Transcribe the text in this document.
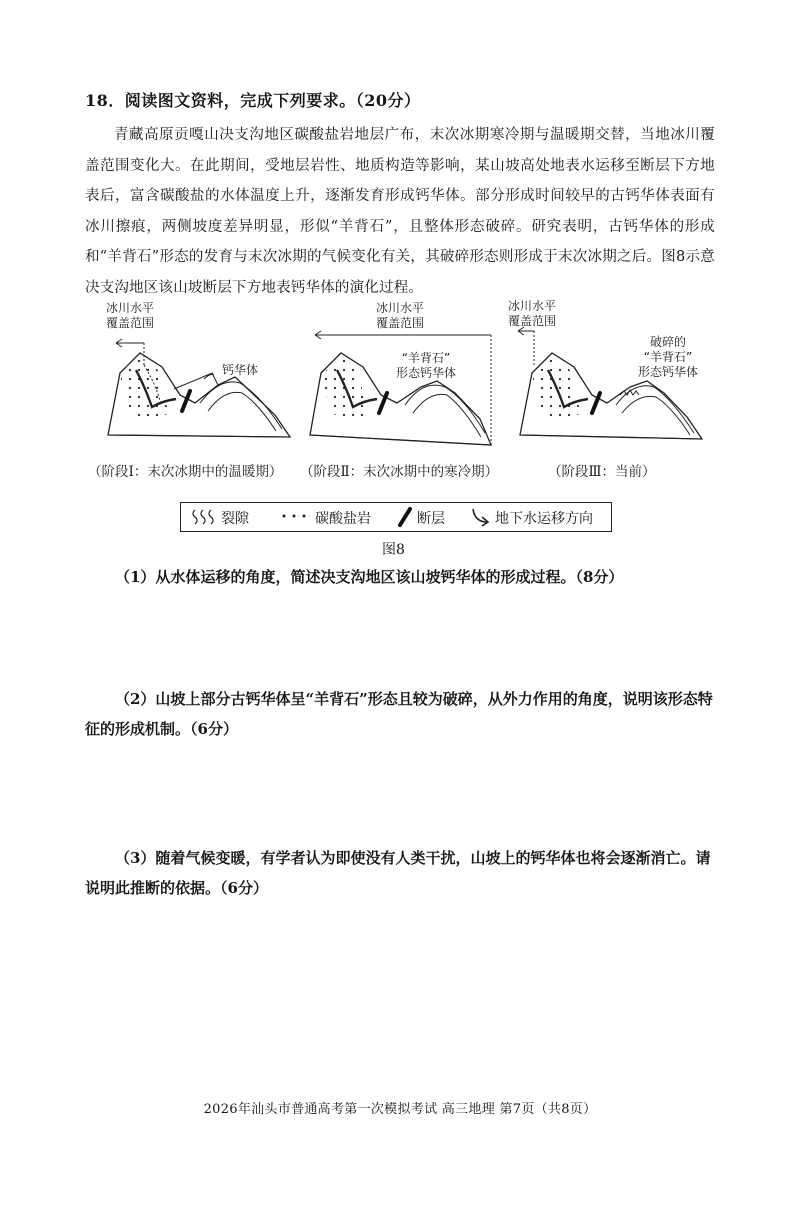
18．阅读图文资料，完成下列要求。（20分）

青藏高原贡嘎山决支沟地区碳酸盐岩地层广布，末次冰期寒冷期与温暖期交替，当地冰川覆盖范围变化大。在此期间，受地层岩性、地质构造等影响，某山坡高处地表水运移至断层下方地表后，富含碳酸盐的水体温度上升，逐渐发育形成钙华体。部分形成时间较早的古钙华体表面有冰川擦痕，两侧坡度差异明显，形似“羊背石”，且整体形态破碎。研究表明，古钙华体的形成和“羊背石”形态的发育与末次冰期的气候变化有关，其破碎形态则形成于末次冰期之后。图8示意决支沟地区该山坡断层下方地表钙华体的演化过程。

冰川水平
覆盖范围
钙华体
冰川水平
覆盖范围
“羊背石”
形态钙华体
冰川水平
覆盖范围
破碎的
“羊背石”
形态钙华体
（阶段Ⅰ：末次冰期中的温暖期） （阶段Ⅱ：末次冰期中的寒冷期）	（阶段Ⅲ：当前）
裂隙	碳酸盐岩	断层	地下水运移方向
图8

（1）从水体运移的角度，简述决支沟地区该山坡钙华体的形成过程。（8分）

（2）山坡上部分古钙华体呈“羊背石”形态且较为破碎，从外力作用的角度，说明该形态特征的形成机制。（6分）

（3）随着气候变暖，有学者认为即使没有人类干扰，山坡上的钙华体也将会逐渐消亡。请说明此推断的依据。（6分）

2026年汕头市普通高考第一次模拟考试 高三地理 第7页（共8页）
